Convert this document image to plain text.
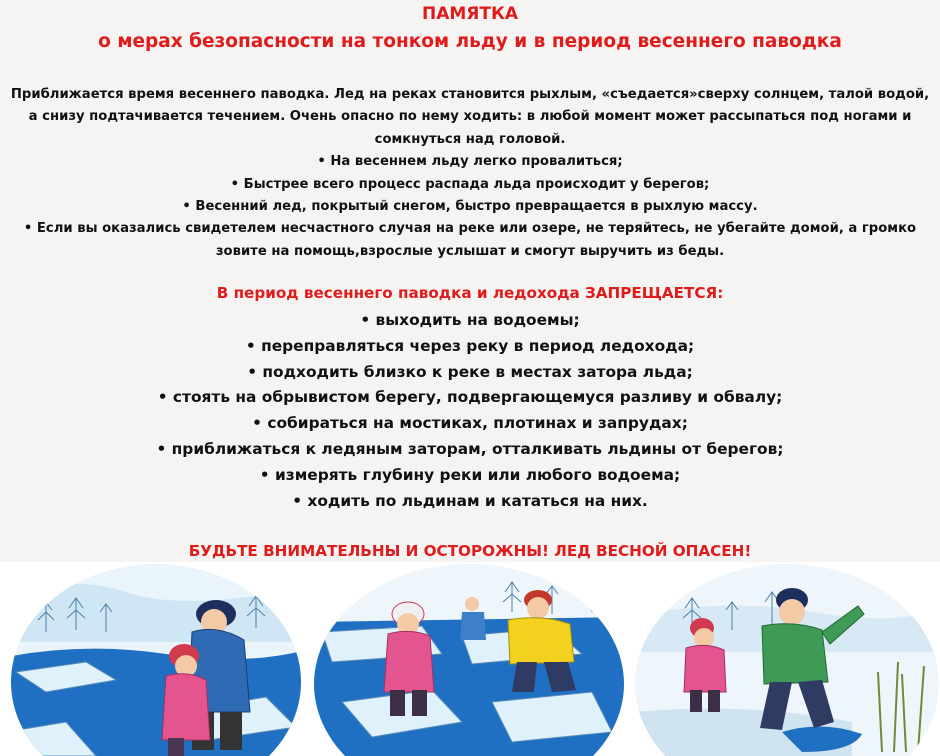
ПАМЯТКА
о мерах безопасности на тонком льду и в период весеннего паводка

Приближается время весеннего паводка. Лед на реках становится рыхлым, «съедается»сверху солнцем, талой водой, а снизу подтачивается течением. Очень опасно по нему ходить: в любой момент может рассыпаться под ногами и сомкнуться над головой.

• На весеннем льду легко провалиться;

• Быстрее всего процесс распада льда происходит у берегов;

• Весенний лед, покрытый снегом, быстро превращается в рыхлую массу.

• Если вы оказались свидетелем несчастного случая на реке или озере, не теряйтесь, не убегайте домой, а громко зовите на помощь,взрослые услышат и смогут выручить из беды.

В период весеннего паводка и ледохода ЗАПРЕЩАЕТСЯ:
• выходить на водоемы;
• переправляться через реку в период ледохода;
• подходить близко к реке в местах затора льда;
• стоять на обрывистом берегу, подвергающемуся разливу и обвалу;
• собираться на мостиках, плотинах и запрудах;
• приближаться к ледяным заторам, отталкивать льдины от берегов;
• измерять глубину реки или любого водоема;
• ходить по льдинам и кататься на них.
БУДЬТЕ ВНИМАТЕЛЬНЫ И ОСТОРОЖНЫ! ЛЕД ВЕСНОЙ ОПАСЕН!
